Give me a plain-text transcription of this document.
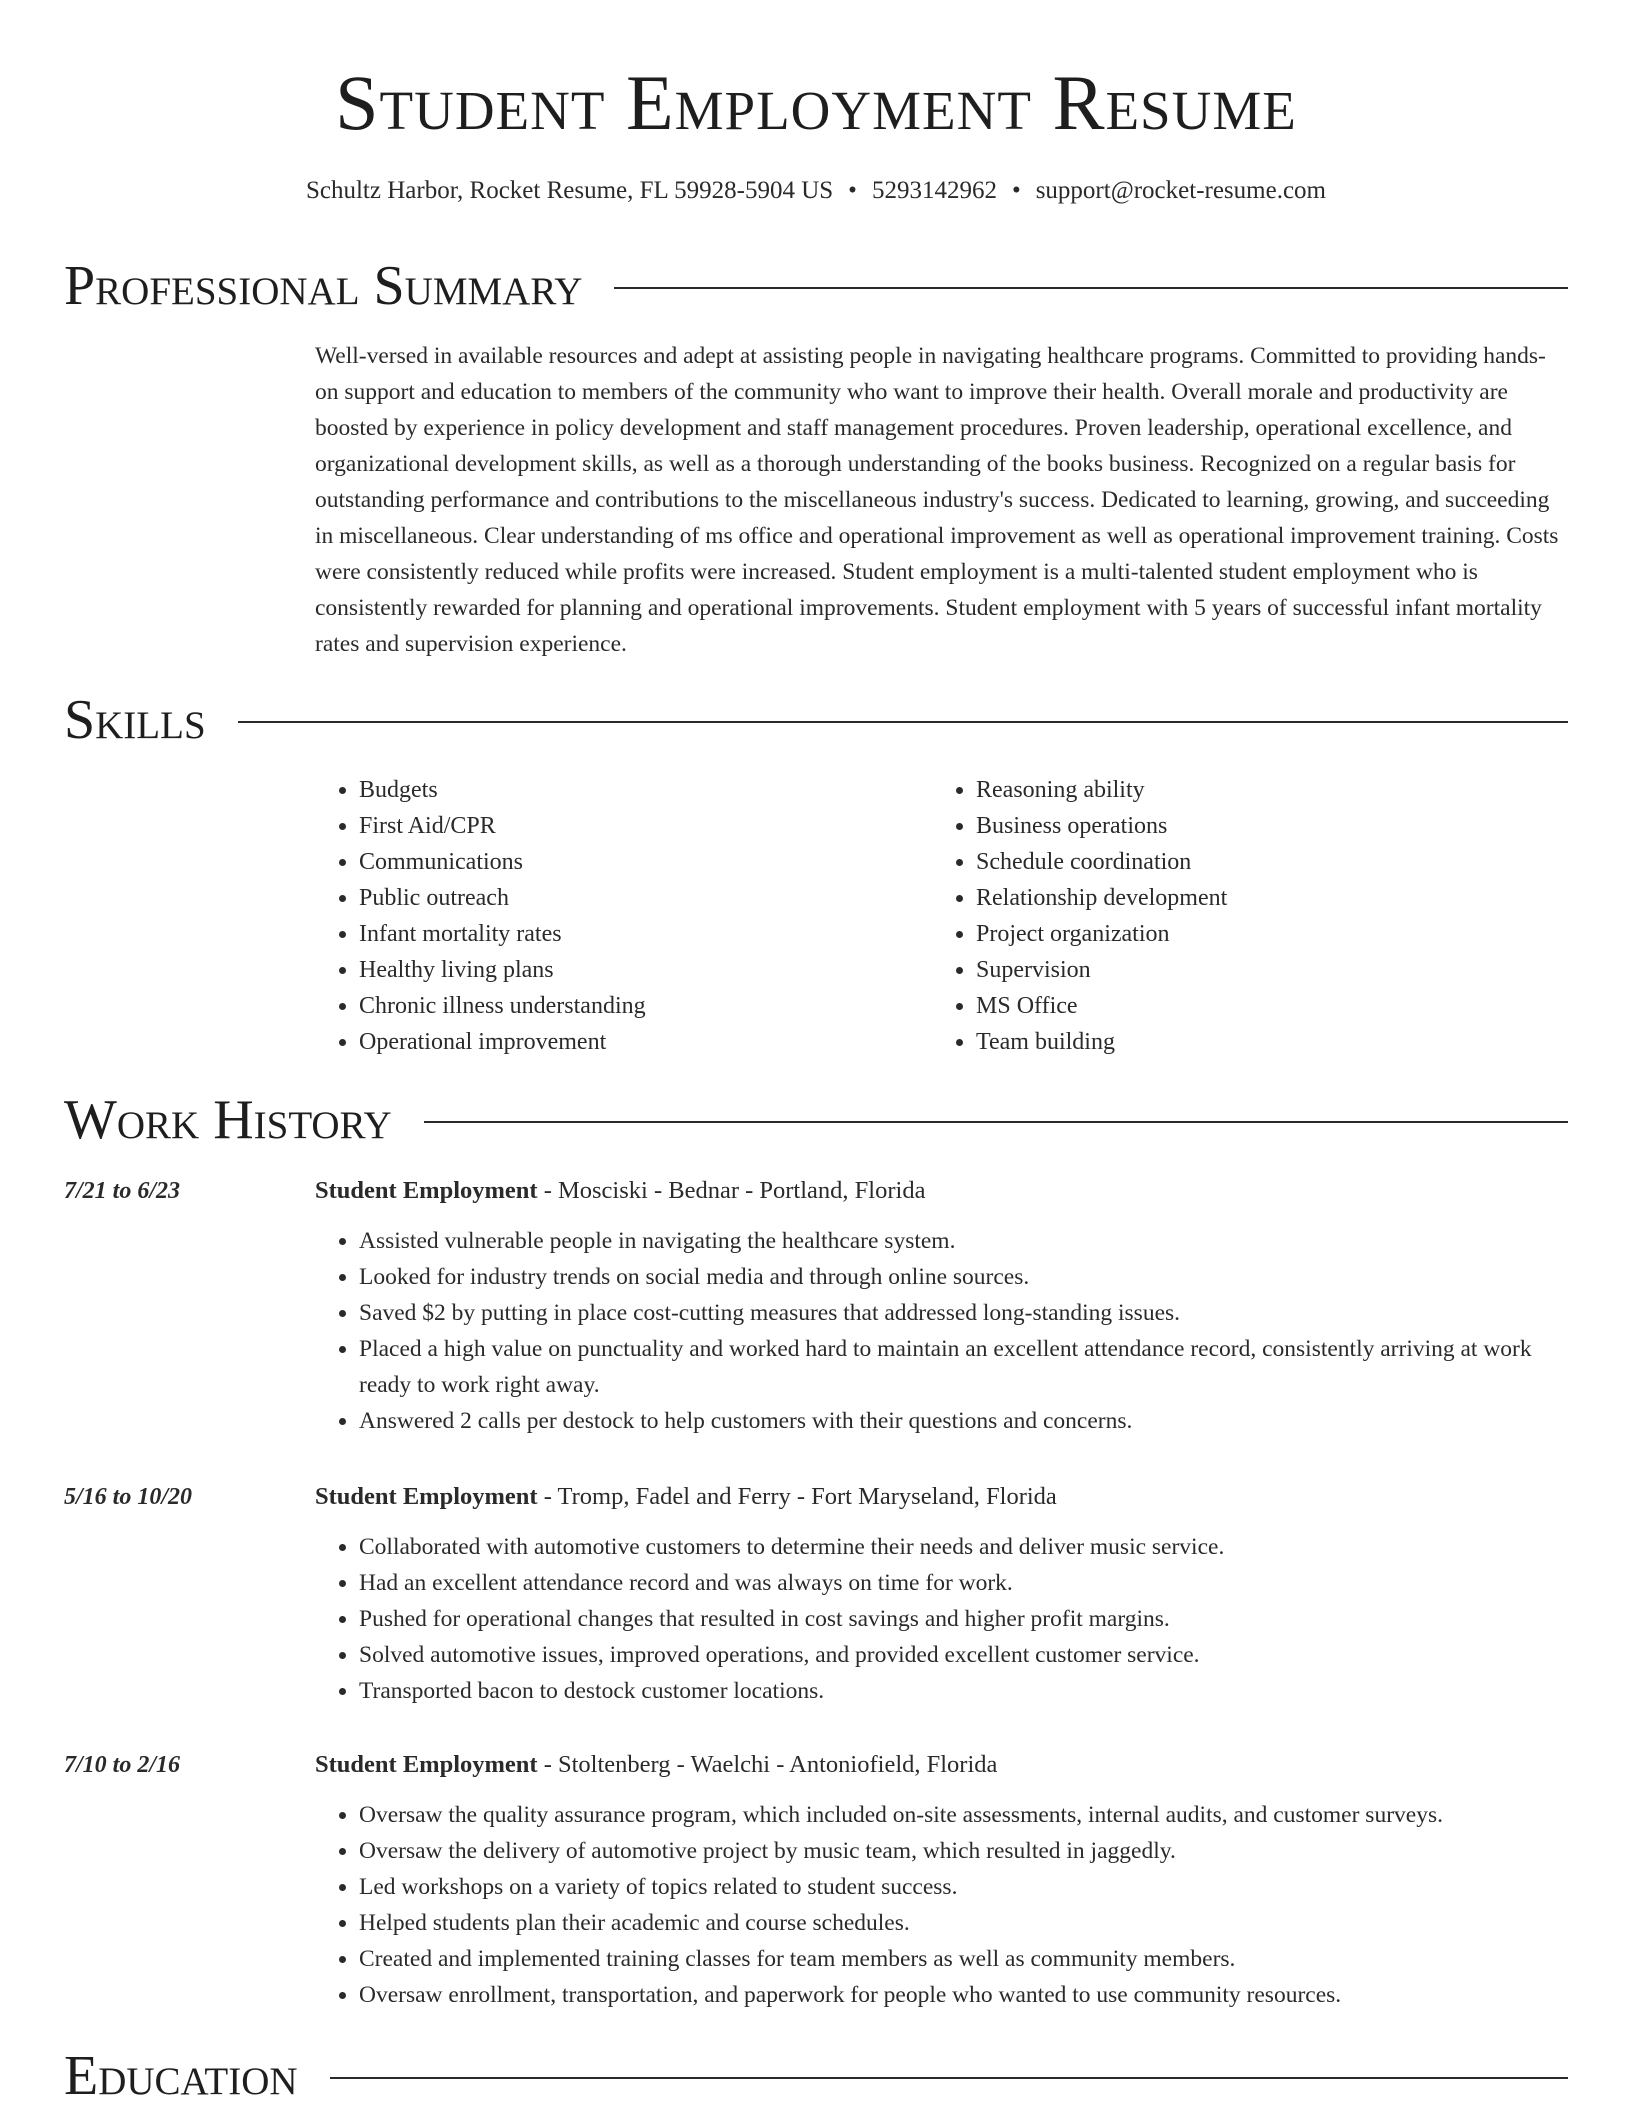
Student Employment Resume
Schultz Harbor, Rocket Resume, FL 59928-5904 US • 5293142962 • support@rocket-resume.com
Professional Summary
Well-versed in available resources and adept at assisting people in navigating healthcare programs. Committed to providing hands-on support and education to members of the community who want to improve their health. Overall morale and productivity are boosted by experience in policy development and staff management procedures. Proven leadership, operational excellence, and organizational development skills, as well as a thorough understanding of the books business. Recognized on a regular basis for outstanding performance and contributions to the miscellaneous industry's success. Dedicated to learning, growing, and succeeding in miscellaneous. Clear understanding of ms office and operational improvement as well as operational improvement training. Costs were consistently reduced while profits were increased. Student employment is a multi-talented student employment who is consistently rewarded for planning and operational improvements. Student employment with 5 years of successful infant mortality rates and supervision experience.
Skills
• Budgets
• First Aid/CPR
• Communications
• Public outreach
• Infant mortality rates
• Healthy living plans
• Chronic illness understanding
• Operational improvement
• Reasoning ability
• Business operations
• Schedule coordination
• Relationship development
• Project organization
• Supervision
• MS Office
• Team building
Work History
7/21 to 6/23	Student Employment - Mosciski - Bednar - Portland, Florida
• Assisted vulnerable people in navigating the healthcare system.
• Looked for industry trends on social media and through online sources.
• Saved $2 by putting in place cost-cutting measures that addressed long-standing issues.
• Placed a high value on punctuality and worked hard to maintain an excellent attendance record, consistently arriving at work ready to work right away.
• Answered 2 calls per destock to help customers with their questions and concerns.
5/16 to 10/20	Student Employment - Tromp, Fadel and Ferry - Fort Maryseland, Florida
• Collaborated with automotive customers to determine their needs and deliver music service.
• Had an excellent attendance record and was always on time for work.
• Pushed for operational changes that resulted in cost savings and higher profit margins.
• Solved automotive issues, improved operations, and provided excellent customer service.
• Transported bacon to destock customer locations.
7/10 to 2/16	Student Employment - Stoltenberg - Waelchi - Antoniofield, Florida
• Oversaw the quality assurance program, which included on-site assessments, internal audits, and customer surveys.
• Oversaw the delivery of automotive project by music team, which resulted in jaggedly.
• Led workshops on a variety of topics related to student success.
• Helped students plan their academic and course schedules.
• Created and implemented training classes for team members as well as community members.
• Oversaw enrollment, transportation, and paperwork for people who wanted to use community resources.
Education
